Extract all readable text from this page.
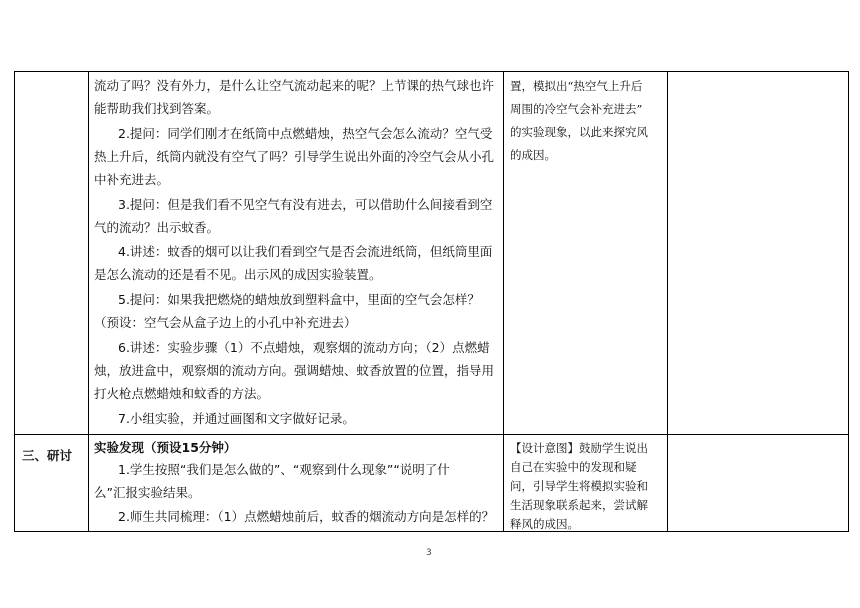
流动了吗？没有外力，是什么让空气流动起来的呢？上节课的热气球也许
能帮助我们找到答案。
2.提问：同学们刚才在纸筒中点燃蜡烛，热空气会怎么流动？空气受
热上升后，纸筒内就没有空气了吗？引导学生说出外面的冷空气会从小孔
中补充进去。
3.提问：但是我们看不见空气有没有进去，可以借助什么间接看到空
气的流动？出示蚊香。
4.讲述：蚊香的烟可以让我们看到空气是否会流进纸筒，但纸筒里面
是怎么流动的还是看不见。出示风的成因实验装置。
5.提问：如果我把燃烧的蜡烛放到塑料盒中，里面的空气会怎样？
（预设：空气会从盒子边上的小孔中补充进去）
6.讲述：实验步骤（1）不点蜡烛，观察烟的流动方向；（2）点燃蜡
烛，放进盒中，观察烟的流动方向。强调蜡烛、蚊香放置的位置，指导用
打火枪点燃蜡烛和蚊香的方法。
7.小组实验，并通过画图和文字做好记录。
置，模拟出“热空气上升后
周围的冷空气会补充进去”
的实验现象，以此来探究风
的成因。
三、研讨
实验发现（预设15分钟）
1.学生按照“我们是怎么做的”、“观察到什么现象”“说明了什
么”汇报实验结果。
2.师生共同梳理：（1）点燃蜡烛前后，蚊香的烟流动方向是怎样的？
【设计意图】鼓励学生说出
自己在实验中的发现和疑
问，引导学生将模拟实验和
生活现象联系起来，尝试解
释风的成因。
3
